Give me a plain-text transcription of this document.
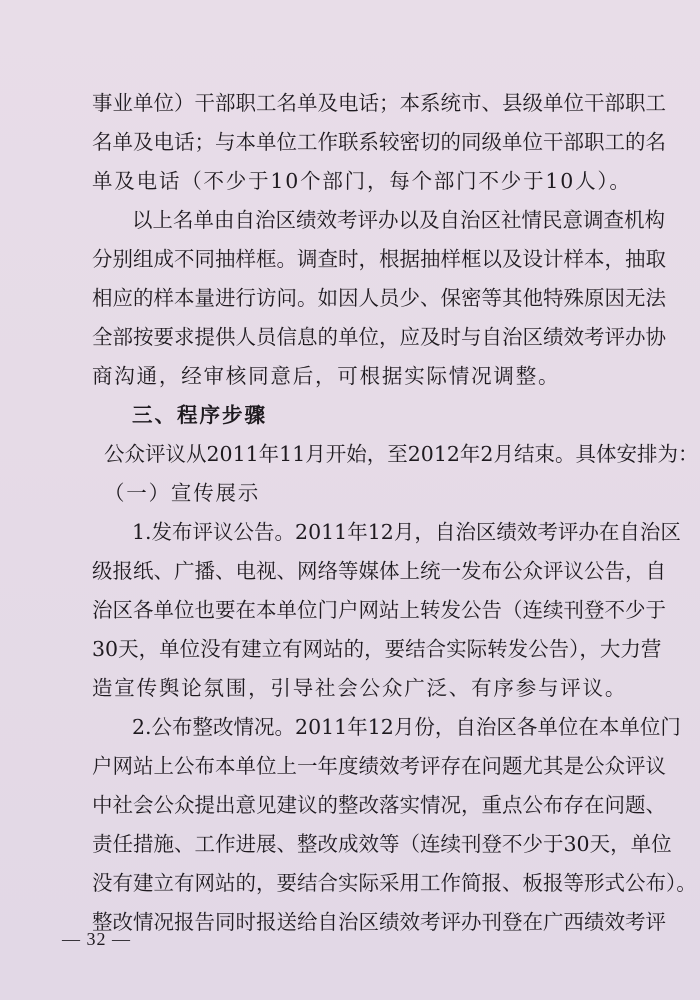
事业单位）干部职工名单及电话；本系统市、县级单位干部职工
名单及电话；与本单位工作联系较密切的同级单位干部职工的名
单及电话（不少于10个部门，每个部门不少于10人）。
以上名单由自治区绩效考评办以及自治区社情民意调查机构
分别组成不同抽样框。调查时，根据抽样框以及设计样本，抽取
相应的样本量进行访问。如因人员少、保密等其他特殊原因无法
全部按要求提供人员信息的单位，应及时与自治区绩效考评办协
商沟通，经审核同意后，可根据实际情况调整。
三、程序步骤
公众评议从2011年11月开始，至2012年2月结束。具体安排为：
（一）宣传展示
1.发布评议公告。2011年12月，自治区绩效考评办在自治区
级报纸、广播、电视、网络等媒体上统一发布公众评议公告，自
治区各单位也要在本单位门户网站上转发公告（连续刊登不少于
30天，单位没有建立有网站的，要结合实际转发公告），大力营
造宣传舆论氛围，引导社会公众广泛、有序参与评议。
2.公布整改情况。2011年12月份，自治区各单位在本单位门
户网站上公布本单位上一年度绩效考评存在问题尤其是公众评议
中社会公众提出意见建议的整改落实情况，重点公布存在问题、
责任措施、工作进展、整改成效等（连续刊登不少于30天，单位
没有建立有网站的，要结合实际采用工作简报、板报等形式公布）。
整改情况报告同时报送给自治区绩效考评办刊登在广西绩效考评
— 32 —
